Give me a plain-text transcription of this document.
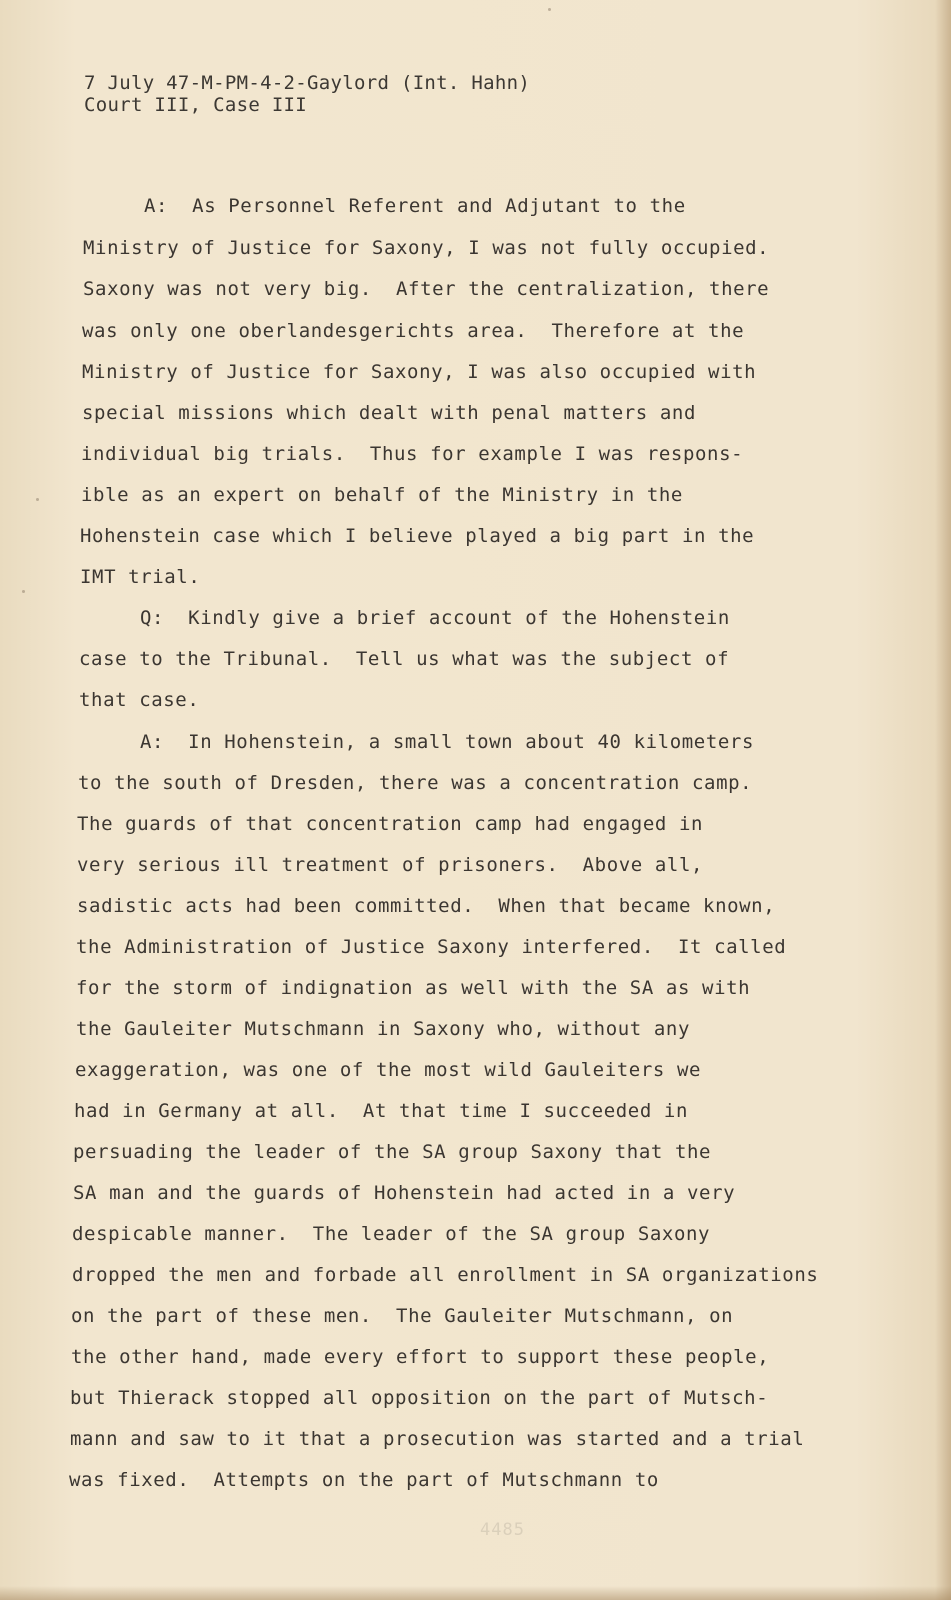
7 July 47-M-PM-4-2-Gaylord (Int. Hahn)
Court III, Case III
A:  As Personnel Referent and Adjutant to the
Ministry of Justice for Saxony, I was not fully occupied.
Saxony was not very big.  After the centralization, there
was only one oberlandesgerichts area.  Therefore at the
Ministry of Justice for Saxony, I was also occupied with
special missions which dealt with penal matters and
individual big trials.  Thus for example I was respons-
ible as an expert on behalf of the Ministry in the
Hohenstein case which I believe played a big part in the
IMT trial.
Q:  Kindly give a brief account of the Hohenstein
case to the Tribunal.  Tell us what was the subject of
that case.
A:  In Hohenstein, a small town about 40 kilometers
to the south of Dresden, there was a concentration camp.
The guards of that concentration camp had engaged in
very serious ill treatment of prisoners.  Above all,
sadistic acts had been committed.  When that became known,
the Administration of Justice Saxony interfered.  It called
for the storm of indignation as well with the SA as with
the Gauleiter Mutschmann in Saxony who, without any
exaggeration, was one of the most wild Gauleiters we
had in Germany at all.  At that time I succeeded in
persuading the leader of the SA group Saxony that the
SA man and the guards of Hohenstein had acted in a very
despicable manner.  The leader of the SA group Saxony
dropped the men and forbade all enrollment in SA organizations
on the part of these men.  The Gauleiter Mutschmann, on
the other hand, made every effort to support these people,
but Thierack stopped all opposition on the part of Mutsch-
mann and saw to it that a prosecution was started and a trial
was fixed.  Attempts on the part of Mutschmann to
4485
